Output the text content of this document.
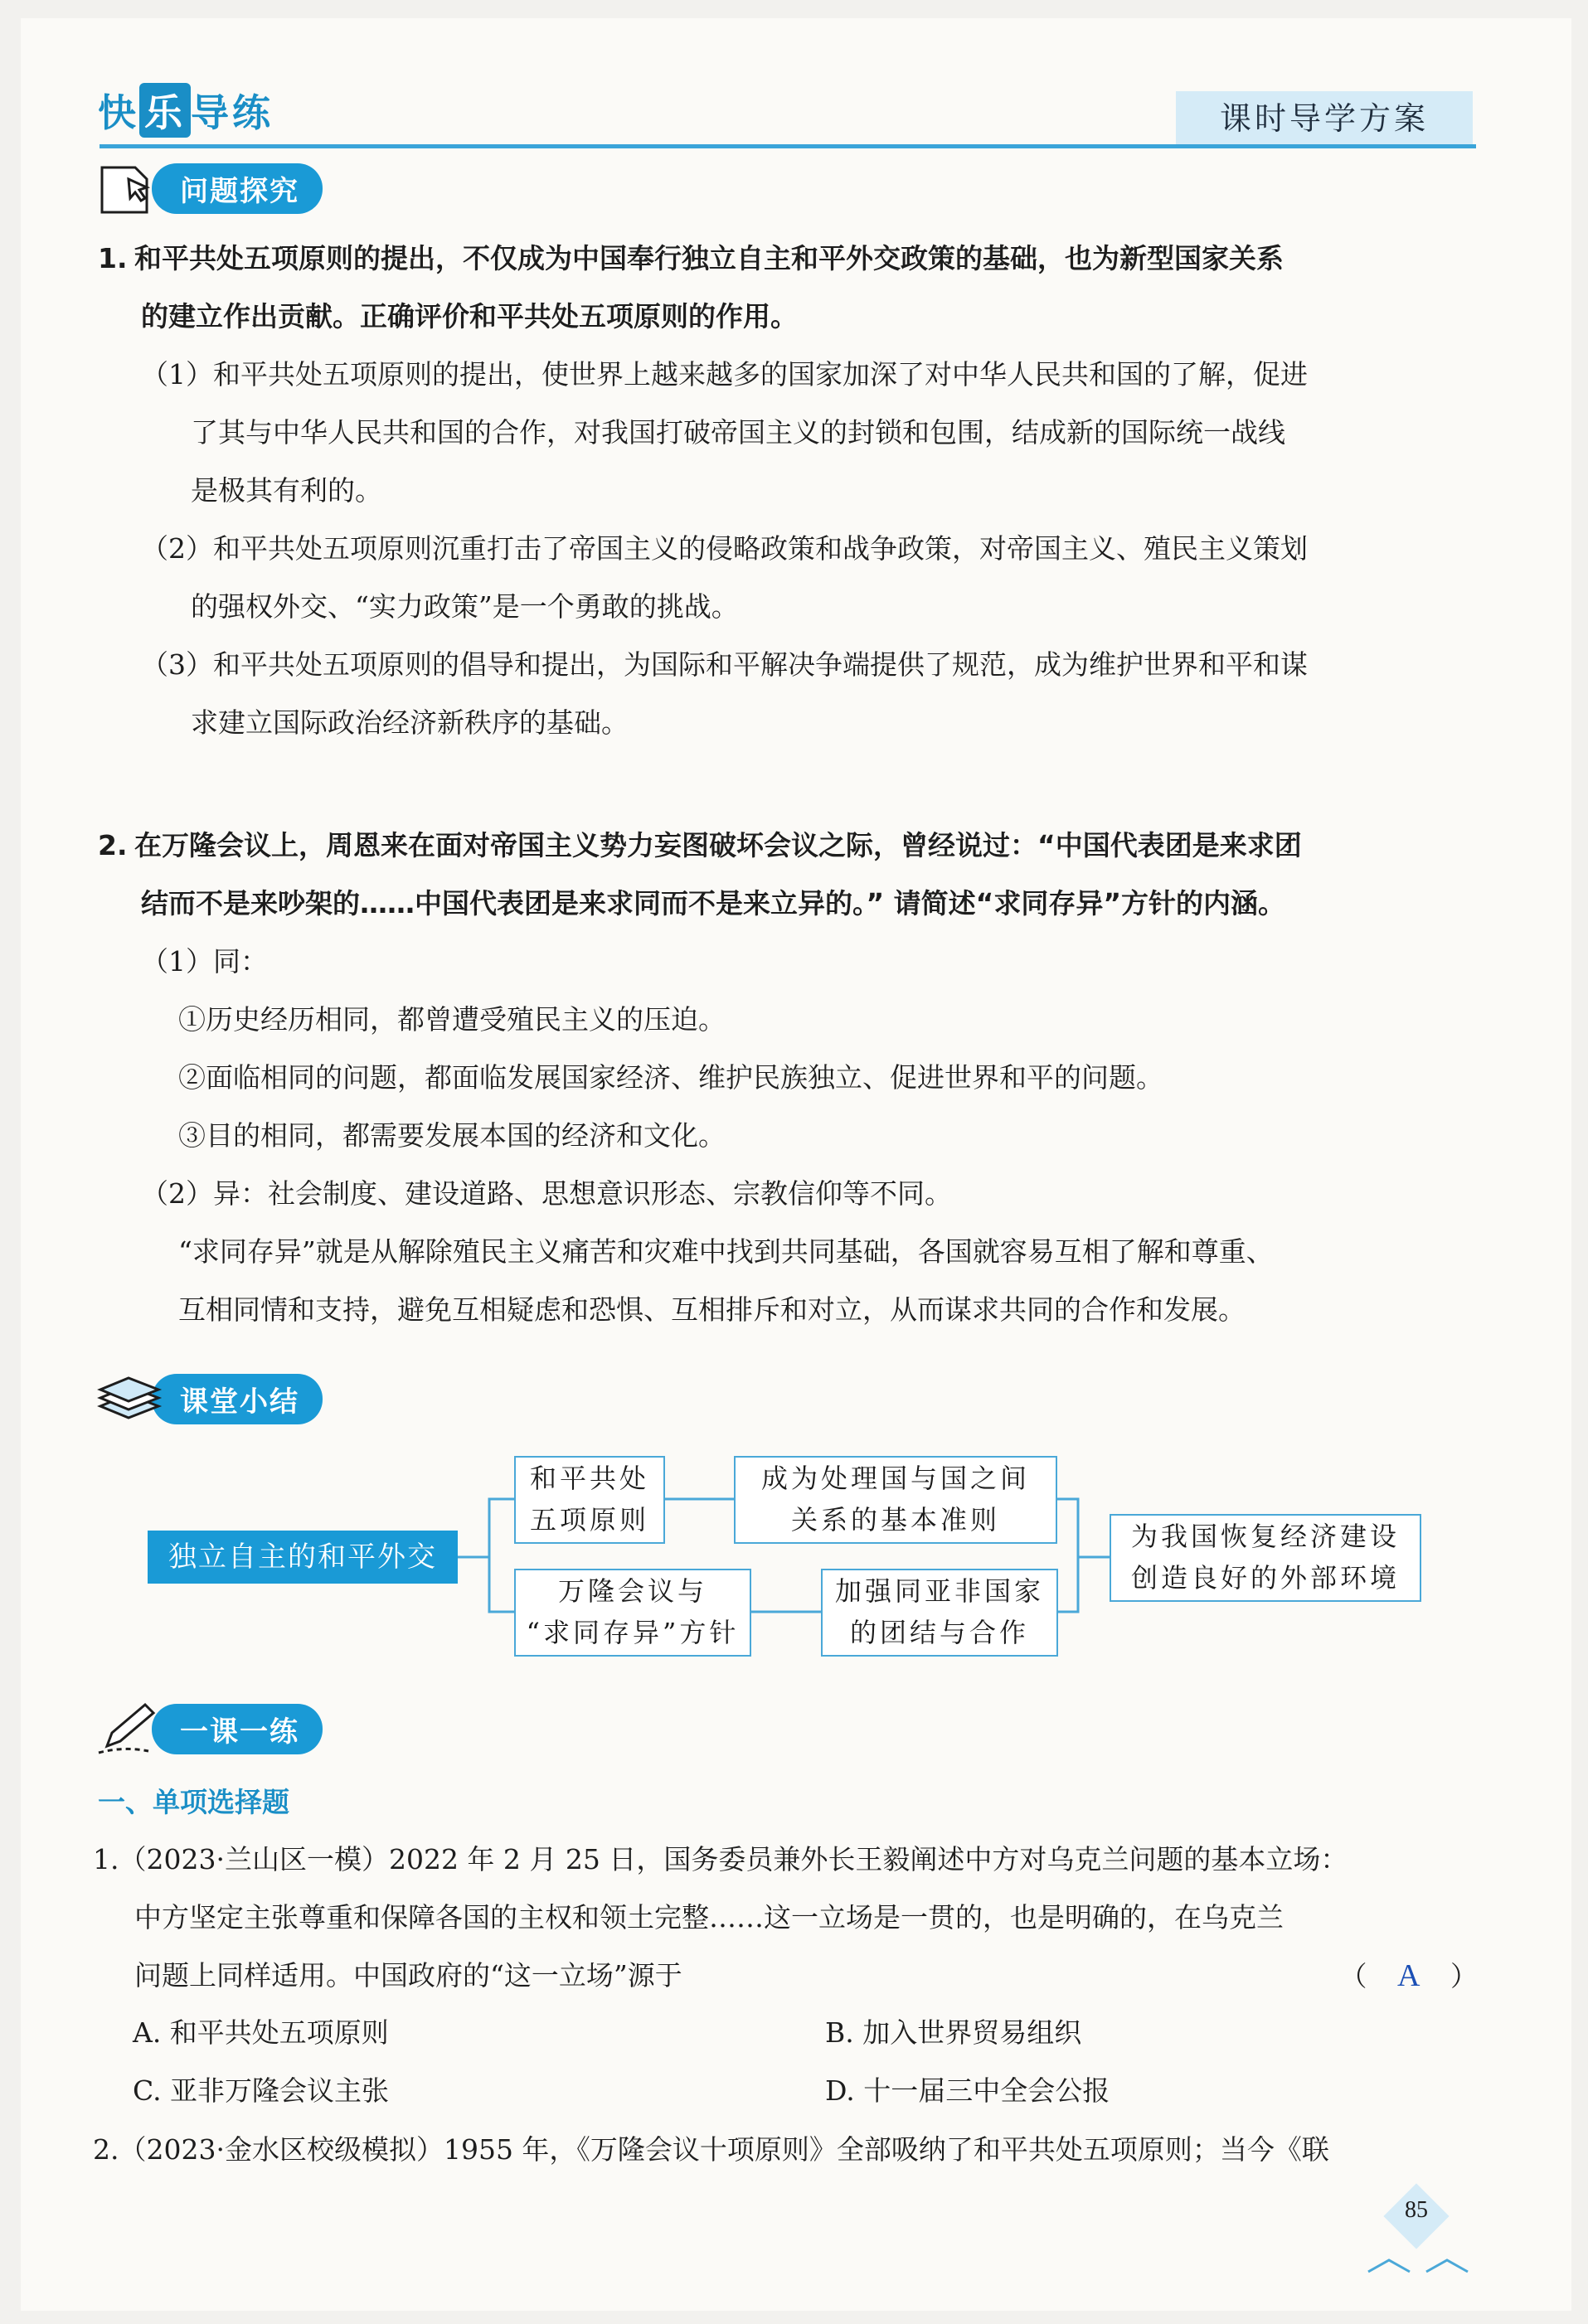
快 乐 导练	课时导学方案
问题探究
1. 和平共处五项原则的提出，不仅成为中国奉行独立自主和平外交政策的基础，也为新型国家关系
的建立作出贡献。正确评价和平共处五项原则的作用。
（1）和平共处五项原则的提出，使世界上越来越多的国家加深了对中华人民共和国的了解，促进
了其与中华人民共和国的合作，对我国打破帝国主义的封锁和包围，结成新的国际统一战线
是极其有利的。
（2）和平共处五项原则沉重打击了帝国主义的侵略政策和战争政策，对帝国主义、殖民主义策划
的强权外交、“实力政策”是一个勇敢的挑战。
（3）和平共处五项原则的倡导和提出，为国际和平解决争端提供了规范，成为维护世界和平和谋
求建立国际政治经济新秩序的基础。
2. 在万隆会议上，周恩来在面对帝国主义势力妄图破坏会议之际，曾经说过：“中国代表团是来求团
结而不是来吵架的……中国代表团是来求同而不是来立异的。” 请简述“求同存异”方针的内涵。
（1）同：
①历史经历相同，都曾遭受殖民主义的压迫。
②面临相同的问题，都面临发展国家经济、维护民族独立、促进世界和平的问题。
③目的相同，都需要发展本国的经济和文化。
（2）异：社会制度、建设道路、思想意识形态、宗教信仰等不同。
“求同存异”就是从解除殖民主义痛苦和灾难中找到共同基础，各国就容易互相了解和尊重、
互相同情和支持，避免互相疑虑和恐惧、互相排斥和对立，从而谋求共同的合作和发展。
课堂小结
独立自主的和平外交
和平共处
五项原则
成为处理国与国之间
关系的基本准则
万隆会议与
“求同存异”方针
加强同亚非国家
的团结与合作
为我国恢复经济建设
创造良好的外部环境
一课一练
一、单项选择题
1.（2023·兰山区一模）2022 年 2 月 25 日，国务委员兼外长王毅阐述中方对乌克兰问题的基本立场：
中方坚定主张尊重和保障各国的主权和领土完整……这一立场是一贯的，也是明确的，在乌克兰
问题上同样适用。中国政府的“这一立场”源于	（ A ）
A. 和平共处五项原则	B. 加入世界贸易组织
C. 亚非万隆会议主张	D. 十一届三中全会公报
2.（2023·金水区校级模拟）1955 年，《万隆会议十项原则》全部吸纳了和平共处五项原则；当今《联
85
